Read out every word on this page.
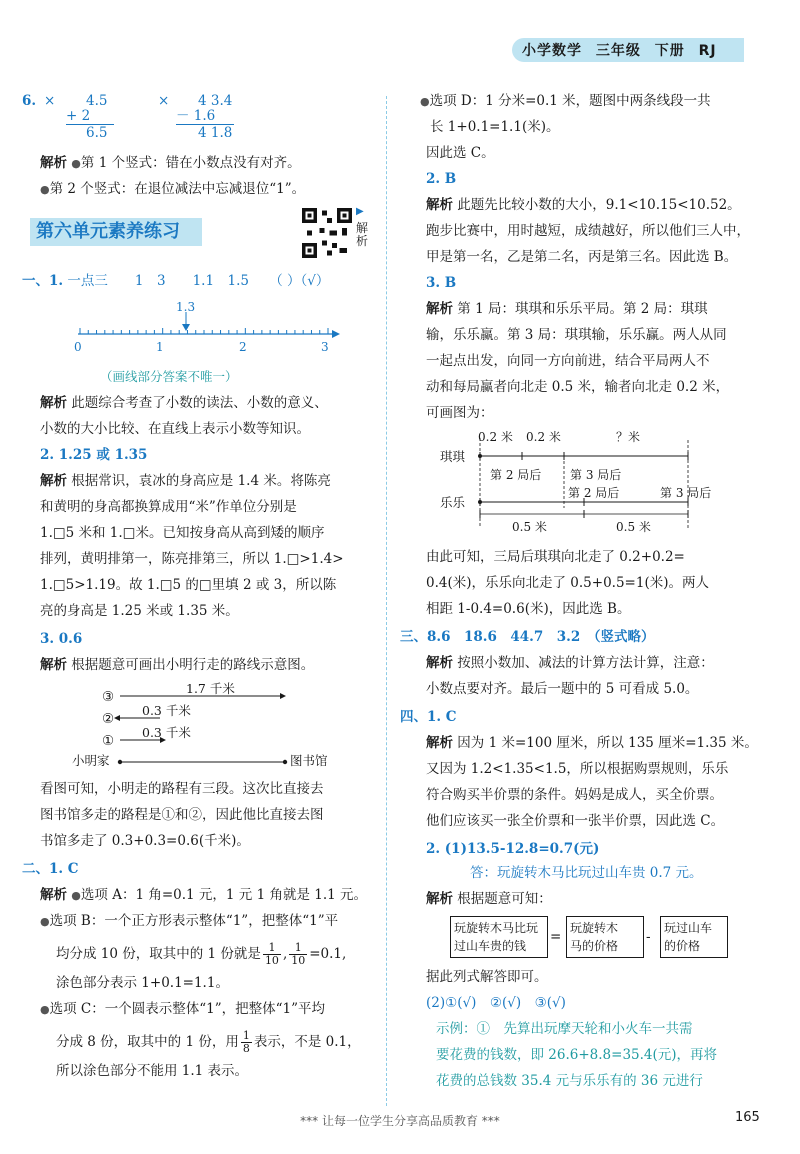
小学数学 三年级 下册 RJ
6. × 4.5
+ 2
6.5
× 4 3.4
－ 1.6
4 1.8
解析 ●第 1 个竖式：错在小数点没有对齐。
●第 2 个竖式：在退位减法中忘减退位“1”。
第六单元素养练习
▶
解析
一、1. 一点三　　1　3　　1.1　1.5　　（ ）（√）
1.3
0	1	2	3
（画线部分答案不唯一）
解析 此题综合考查了小数的读法、小数的意义、
小数的大小比较、在直线上表示小数等知识。
2. 1.25 或 1.35
解析 根据常识，袁冰的身高应是 1.4 米。将陈亮
和黄明的身高都换算成用“米”作单位分别是
1.□5 米和 1.□米。已知按身高从高到矮的顺序
排列，黄明排第一，陈亮排第三，所以 1.□>1.4>
1.□5>1.19。故 1.□5 的□里填 2 或 3，所以陈
亮的身高是 1.25 米或 1.35 米。
3. 0.6
解析 根据题意可画出小明行走的路线示意图。
③
②
①
1.7 千米
0.3 千米
0.3 千米
小明家	图书馆
看图可知，小明走的路程有三段。这次比直接去
图书馆多走的路程是①和②，因此他比直接去图
书馆多走了 0.3+0.3=0.6(千米)。
二、1. C
解析 ●选项 A：1 角=0.1 元，1 元 1 角就是 1.1 元。
●选项 B：一个正方形表示整体“1”，把整体“1”平
均分成 10 份，取其中的 1 份就是 $\frac{1}{10}$ , $\frac{1}{10} =0.1$,
涂色部分表示 1+0.1=1.1。
●选项 C：一个圆表示整体“1”，把整体“1”平均
分成 8 份，取其中的 1 份，用 $\frac{1}{8}$ 表示，不是 0.1，
所以涂色部分不能用 1.1 表示。
●选项 D：1 分米=0.1 米，题图中两条线段一共
长 1+0.1=1.1(米)。
因此选 C。
2. B
解析 此题先比较小数的大小，9.1<10.15<10.52。
跑步比赛中，用时越短，成绩越好，所以他们三人中，
甲是第一名，乙是第二名，丙是第三名。因此选 B。
3. B
解析 第 1 局：琪琪和乐乐平局。第 2 局：琪琪
输，乐乐赢。第 3 局：琪琪输，乐乐赢。两人从同
一起点出发，向同一方向前进，结合平局两人不
动和每局赢者向北走 0.5 米，输者向北走 0.2 米，
可画图为：
0.2 米 0.2 米	？米
琪琪
第 2 局后 第 3 局后
第 2 局后	第 3 局后
乐乐
0.5 米	0.5 米
由此可知，三局后琪琪向北走了 0.2+0.2=
0.4(米)，乐乐向北走了 0.5+0.5=1(米)。两人
相距 1-0.4=0.6(米)，因此选 B。
三、8.6　18.6　44.7　3.2　（竖式略）
解析 按照小数加、减法的计算方法计算，注意：
小数点要对齐。最后一题中的 5 可看成 5.0。
四、1. C
解析 因为 1 米=100 厘米，所以 135 厘米=1.35 米。
又因为 1.2<1.35<1.5，所以根据购票规则，乐乐
符合购买半价票的条件。妈妈是成人，买全价票。
他们应该买一张全价票和一张半价票，因此选 C。
2. (1)13.5-12.8=0.7(元)
答：玩旋转木马比玩过山车贵 0.7 元。
解析 根据题意可知：
玩旋转木马比玩
过山车贵的钱
=
玩旋转木
马的价格
-
玩过山车
的价格
据此列式解答即可。
(2)①(√)　②(√)　③(√)
示例：①　先算出玩摩天轮和小火车一共需
要花费的钱数，即 26.6+8.8=35.4(元)，再将
花费的总钱数 35.4 元与乐乐有的 36 元进行
*** 让每一位学生分享高品质教育 ***	165
